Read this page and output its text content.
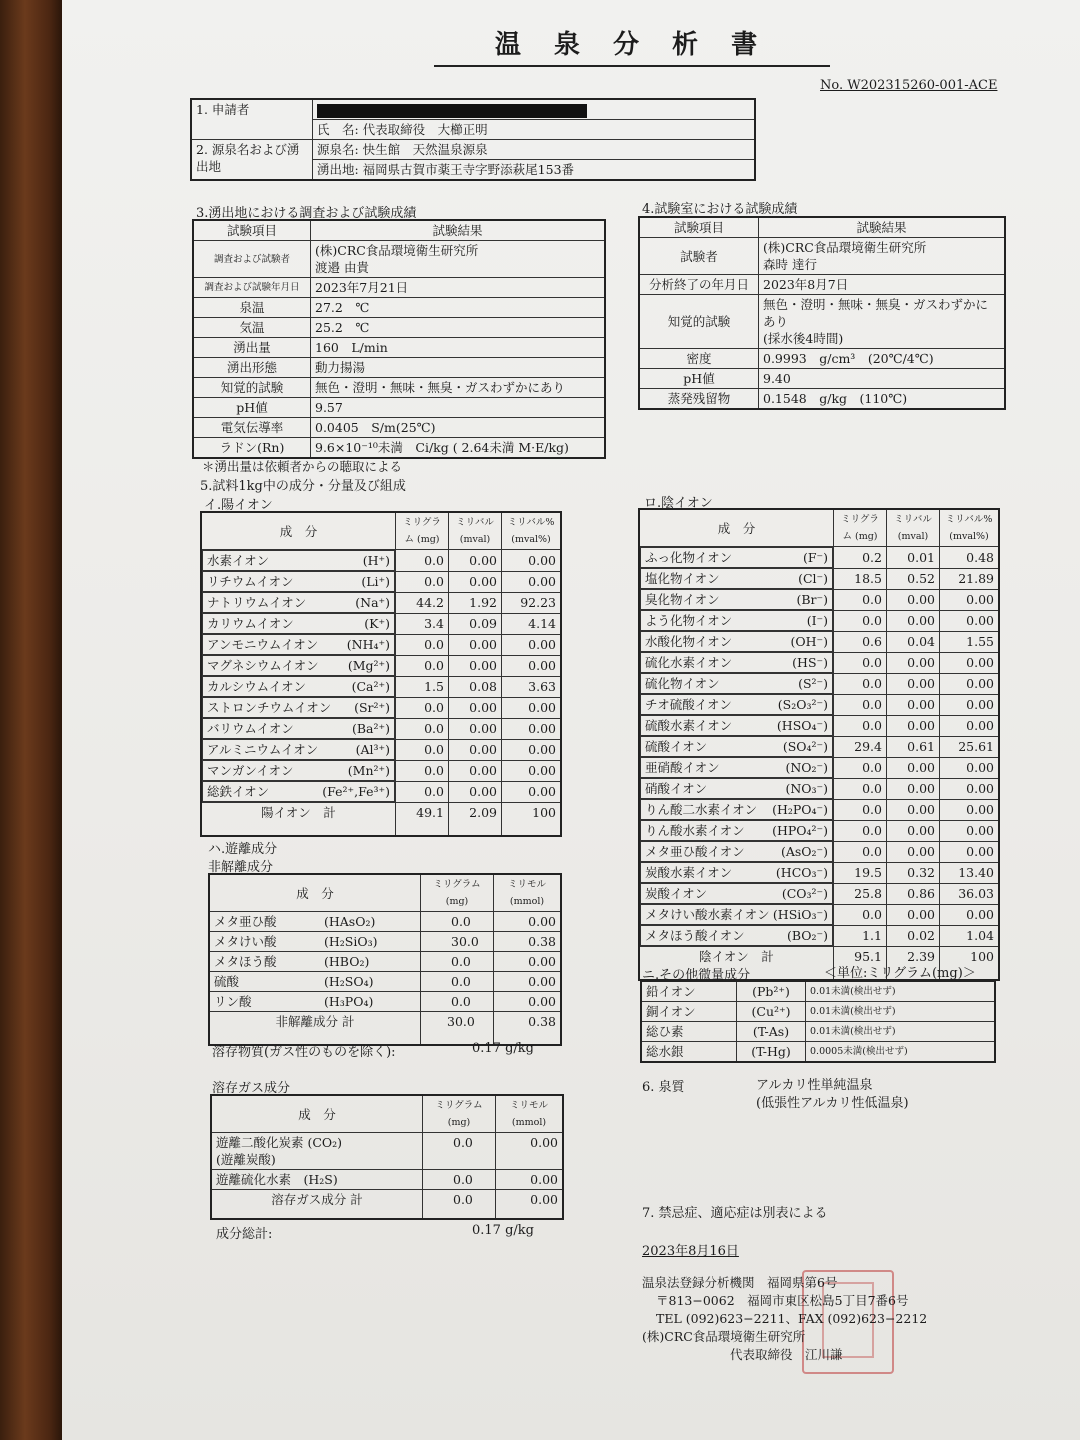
温 泉 分 析 書
No. W202315260-001-ACE
1. 申請者	
	氏　名: 代表取締役　大櫛正明
2. 源泉名および湧出地	源泉名: 快生館　天然温泉源泉
	湧出地: 福岡県古賀市薬王寺字野添萩尾153番
3.湧出地における調査および試験成績
試験項目	試験結果
調査および試験者	(株)CRC食品環境衛生研究所
渡邉 由貴
調査および試験年月日	2023年7月21日
泉温	27.2　℃
気温	25.2　℃
湧出量	160　L/min
湧出形態	動力揚湯
知覚的試験	無色・澄明・無味・無臭・ガスわずかにあり
pH値	9.57
電気伝導率	0.0405　S/m(25℃)
ラドン(Rn)	9.6×10⁻¹⁰未満　Ci/kg ( 2.64未満 M·E/kg)
＊湧出量は依頼者からの聴取による
4.試験室における試験成績
試験項目	試験結果
試験者	(株)CRC食品環境衛生研究所
森時 達行
分析終了の年月日	2023年8月7日
知覚的試験	無色・澄明・無味・無臭・ガスわずかにあり
(採水後4時間)
密度	0.9993　g/cm³　(20℃/4℃)
pH値	9.40
蒸発残留物	0.1548　g/kg　(110℃)
5.試料1kg中の成分・分量及び組成
イ.陽イオン	ロ.陰イオン
成　分	ミリグラム (mg)	ミリバル (mval)	ミリバル% (mval%)

水素イオン	(H⁺)	0.0	0.00	0.00

リチウムイオン	(Li⁺)	0.0	0.00	0.00

ナトリウムイオン	(Na⁺) 44.2	1.92	92.23

カリウムイオン	(K⁺)	3.4	0.09	4.14

アンモニウムイオン (NH₄⁺)	0.0	0.00	0.00

マグネシウムイオン (Mg²⁺)	0.0	0.00	0.00

カルシウムイオン	(Ca²⁺)	1.5	0.08	3.63

ストロンチウムイオン (Sr²⁺)	0.0	0.00	0.00

バリウムイオン	(Ba²⁺)	0.0	0.00	0.00

アルミニウムイオン	(Al³⁺)	0.0	0.00	0.00

マンガンイオン	(Mn²⁺)	0.0	0.00	0.00

総鉄イオン	(Fe²⁺,Fe³⁺)	0.0	0.00	0.00
陽イオン　計	49.1	2.09	100
成　分	ミリグラム (mg)	ミリバル (mval)	ミリバル% (mval%)

ふっ化物イオン	(F⁻)	0.2	0.01	0.48

塩化物イオン	(Cl⁻) 18.5	0.52	21.89

臭化物イオン	(Br⁻)	0.0	0.00	0.00

よう化物イオン	(I⁻)	0.0	0.00	0.00

水酸化物イオン	(OH⁻)	0.6	0.04	1.55

硫化水素イオン	(HS⁻)	0.0	0.00	0.00

硫化物イオン	(S²⁻)	0.0	0.00	0.00

チオ硫酸イオン	(S₂O₃²⁻)	0.0	0.00	0.00

硫酸水素イオン	(HSO₄⁻)	0.0	0.00	0.00

硫酸イオン	(SO₄²⁻) 29.4	0.61	25.61

亜硝酸イオン	(NO₂⁻)	0.0	0.00	0.00

硝酸イオン	(NO₃⁻)	0.0	0.00	0.00

りん酸二水素イオン (H₂PO₄⁻)	0.0	0.00	0.00

りん酸水素イオン (HPO₄²⁻)	0.0	0.00	0.00

メタ亜ひ酸イオン	(AsO₂⁻)	0.0	0.00	0.00

炭酸水素イオン	(HCO₃⁻) 19.5	0.32	13.40

炭酸イオン	(CO₃²⁻) 25.8	0.86	36.03

メタけい酸水素イオン (HSiO₃⁻)	0.0	0.00	0.00

メタほう酸イオン	(BO₂⁻)	1.1	0.02	1.04
陰イオン　計	95.1	2.39	100
ハ.遊離成分
非解離成分
成　分	ミリグラム (mg)	ミリモル (mmol)
メタ亜ひ酸 (HAsO₂)	0.0	0.00
メタけい酸 (H₂SiO₃)	30.0	0.38
メタほう酸 (HBO₂)	0.0	0.00
硫酸 (H₂SO₄)	0.0	0.00
リン酸 (H₃PO₄)	0.0	0.00
非解離成分 計	30.0	0.38
溶存物質(ガス性のものを除く):	0.17 g/kg
溶存ガス成分
成　分	ミリグラム (mg)	ミリモル (mmol)
遊離二酸化炭素 (CO₂)
(遊離炭酸)	0.0	0.00
遊離硫化水素　(H₂S)	0.0	0.00
溶存ガス成分 計	0.0	0.00
成分総計:	0.17 g/kg
ニ.その他微量成分	＜単位:ミリグラム(mg)＞
鉛イオン	(Pb²⁺)	0.01未満(検出せず)
銅イオン	(Cu²⁺)	0.01未満(検出せず)
総ひ素	(T-As)	0.01未満(検出せず)
総水銀	(T-Hg)	0.0005未満(検出せず)
6. 泉質	アルカリ性単純温泉
(低張性アルカリ性低温泉)
7. 禁忌症、適応症は別表による
2023年8月16日
温泉法登録分析機関　福岡県第6号
〒813−0062　福岡市東区松島5丁目7番6号
TEL (092)623−2211、FAX (092)623−2212
(株)CRC食品環境衛生研究所
代表取締役　江川謙
